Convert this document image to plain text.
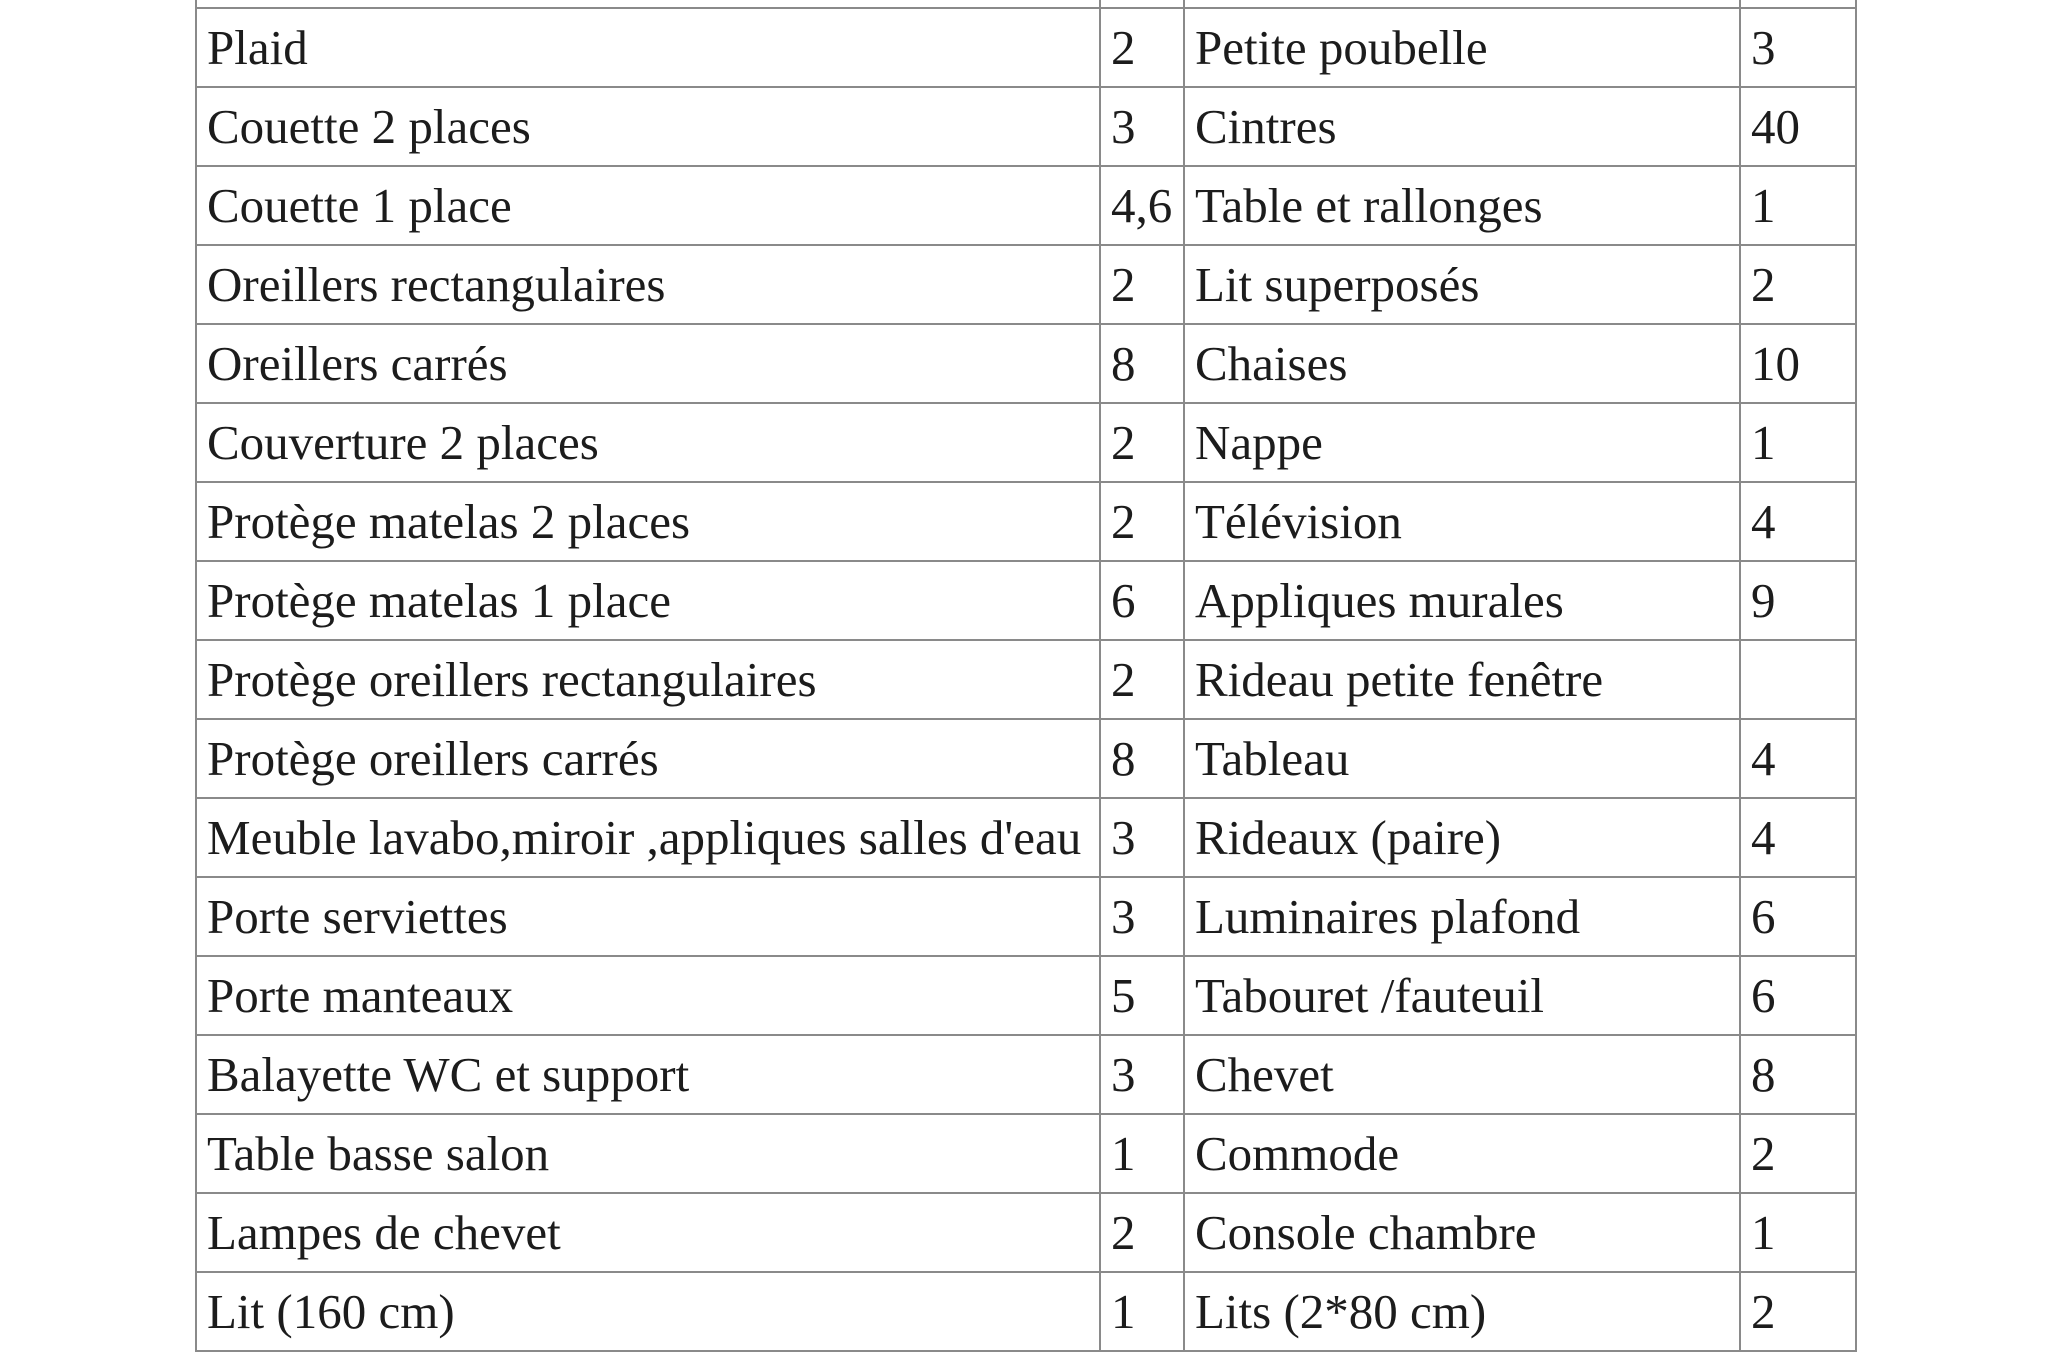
Plaid	2	Petite poubelle	3
Couette 2 places	3	Cintres	40
Couette 1 place	4,6	Table et rallonges	1
Oreillers rectangulaires	2	Lit superposés	2
Oreillers carrés	8	Chaises	10
Couverture 2 places	2	Nappe	1
Protège matelas 2 places	2	Télévision	4
Protège matelas 1 place	6	Appliques murales	9
Protège oreillers rectangulaires	2	Rideau petite fenêtre	
Protège oreillers carrés	8	Tableau	4
Meuble lavabo,miroir ,appliques salles d'eau	3	Rideaux (paire)	4
Porte serviettes	3	Luminaires plafond	6
Porte manteaux	5	Tabouret /fauteuil	6
Balayette WC et support	3	Chevet	8
Table basse salon	1	Commode	2
Lampes de chevet	2	Console chambre	1
Lit (160 cm)	1	Lits (2*80 cm)	2
